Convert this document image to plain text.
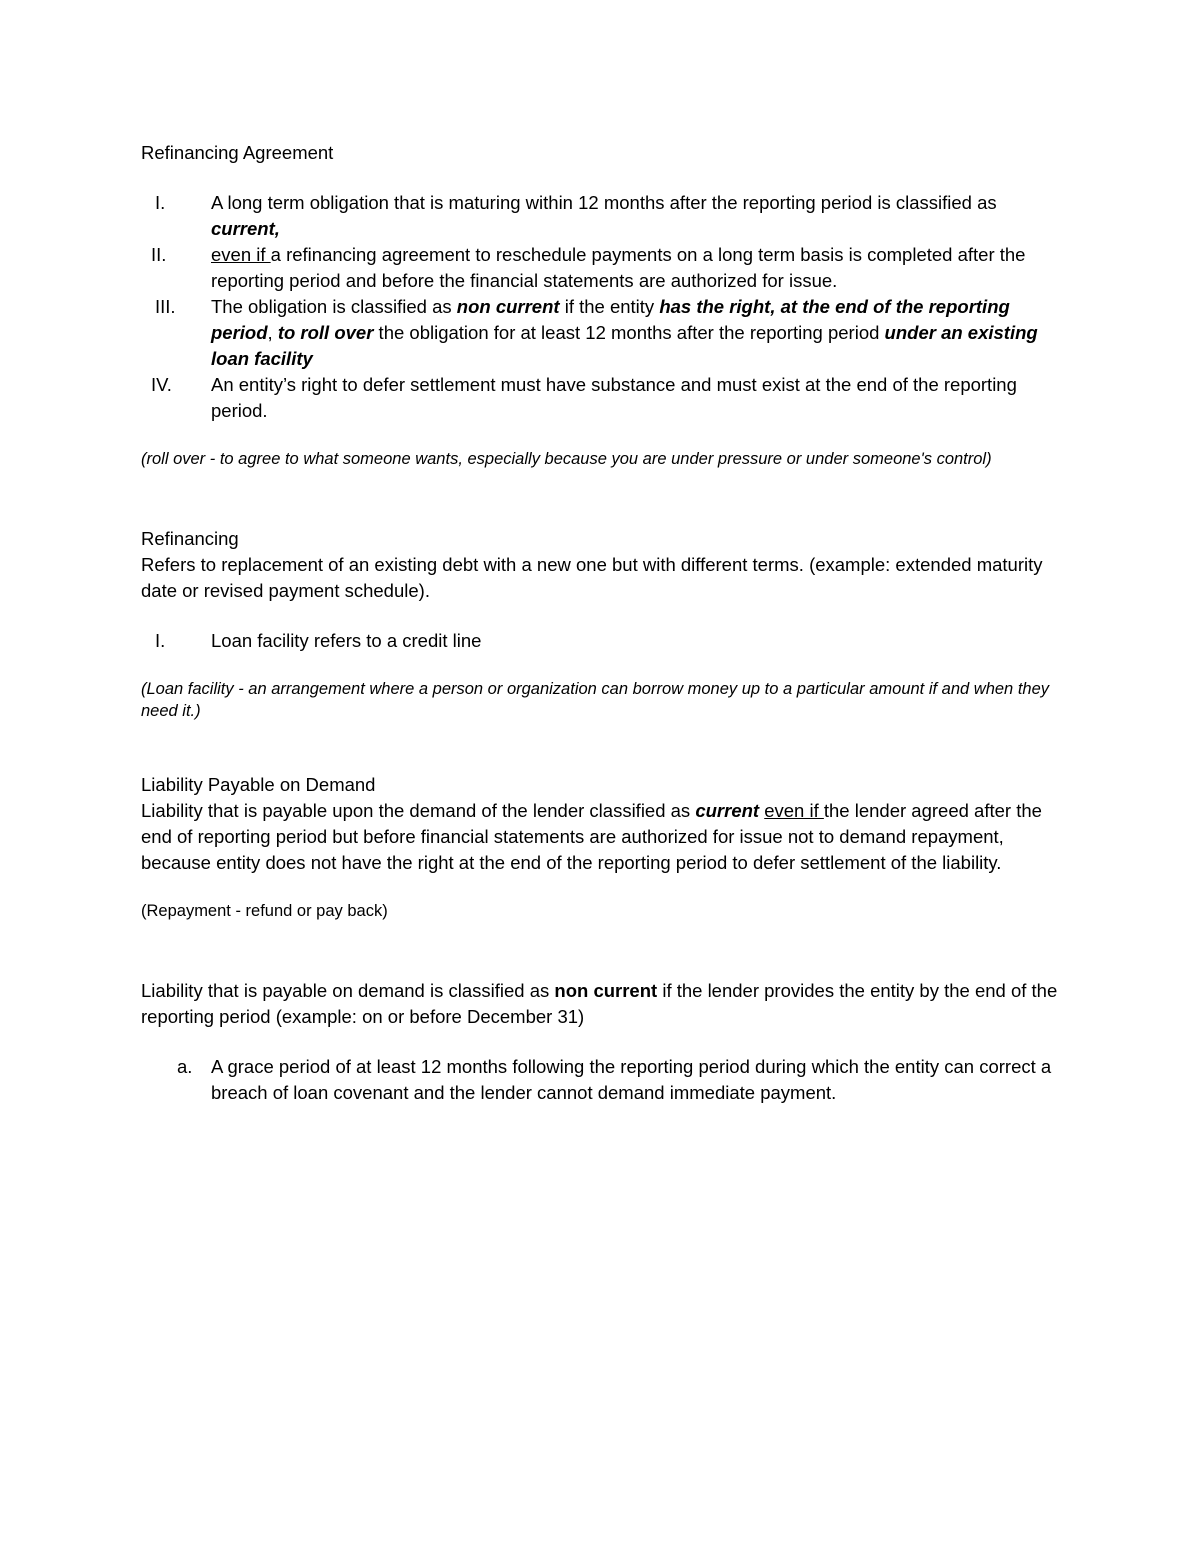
Refinancing Agreement

I.	A long term obligation that is maturing within 12 months after the reporting period is classified as current,
II.	even if a refinancing agreement to reschedule payments on a long term basis is completed after the reporting period and before the financial statements are authorized for issue.
III.	The obligation is classified as non current if the entity has the right, at the end of the reporting period, to roll over the obligation for at least 12 months after the reporting period under an existing loan facility
IV.	An entity’s right to defer settlement must have substance and must exist at the end of the reporting period.

(roll over - to agree to what someone wants, especially because you are under pressure or under someone's control)

Refinancing

Refers to replacement of an existing debt with a new one but with different terms. (example: extended maturity date or revised payment schedule).

I.	Loan facility refers to a credit line

(Loan facility - an arrangement where a person or organization can borrow money up to a particular amount if and when they need it.)

Liability Payable on Demand

Liability that is payable upon the demand of the lender classified as current even if the lender agreed after the end of reporting period but before financial statements are authorized for issue not to demand repayment, because entity does not have the right at the end of the reporting period to defer settlement of the liability.

(Repayment - refund or pay back)

Liability that is payable on demand is classified as non current if the lender provides the entity by the end of the reporting period (example: on or before December 31)

a.	A grace period of at least 12 months following the reporting period during which the entity can correct a breach of loan covenant and the lender cannot demand immediate payment.
